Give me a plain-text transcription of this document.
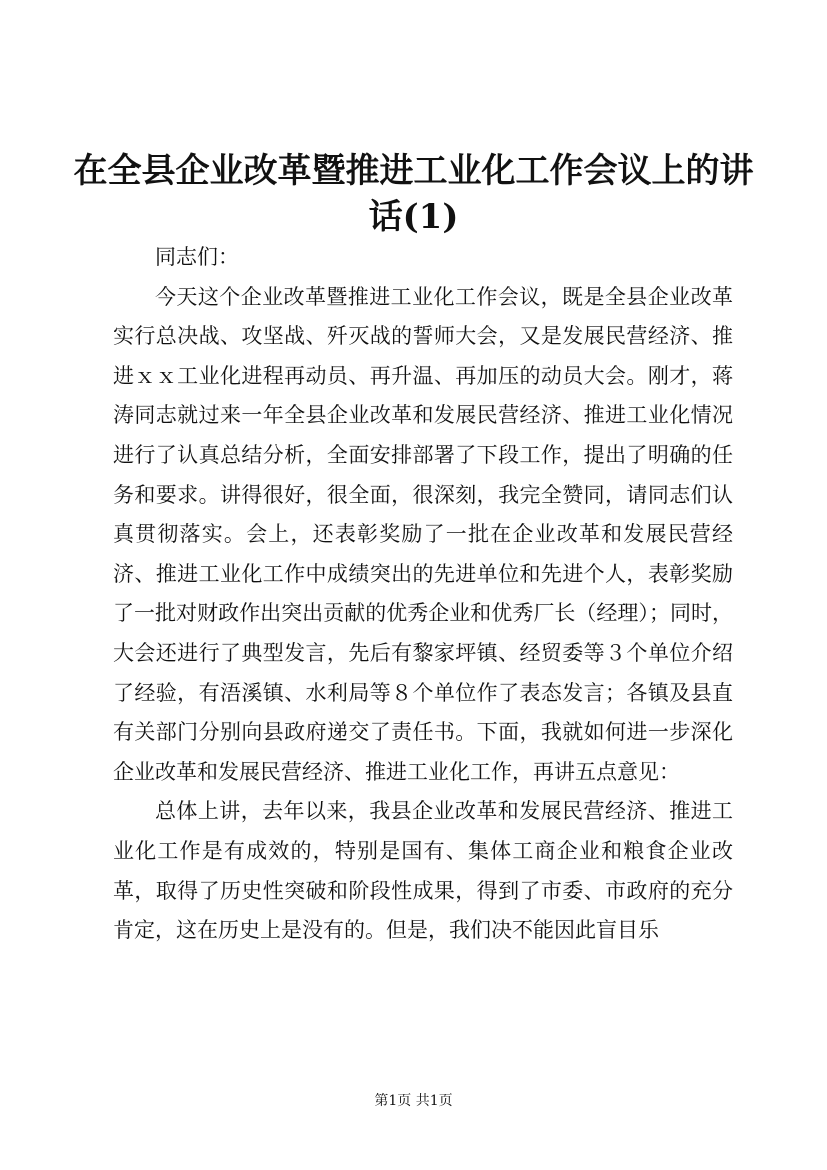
在全县企业改革暨推进工业化工作会议上的讲话(1)

同志们：

今天这个企业改革暨推进工业化工作会议，既是全县企业改革实行总决战、攻坚战、歼灭战的誓师大会，又是发展民营经济、推进ｘｘ工业化进程再动员、再升温、再加压的动员大会。刚才，蒋涛同志就过来一年全县企业改革和发展民营经济、推进工业化情况进行了认真总结分析，全面安排部署了下段工作，提出了明确的任务和要求。讲得很好，很全面，很深刻，我完全赞同，请同志们认真贯彻落实。会上，还表彰奖励了一批在企业改革和发展民营经济、推进工业化工作中成绩突出的先进单位和先进个人，表彰奖励了一批对财政作出突出贡献的优秀企业和优秀厂长（经理）；同时，大会还进行了典型发言，先后有黎家坪镇、经贸委等３个单位介绍了经验，有浯溪镇、水利局等８个单位作了表态发言；各镇及县直有关部门分别向县政府递交了责任书。下面，我就如何进一步深化企业改革和发展民营经济、推进工业化工作，再讲五点意见：

总体上讲，去年以来，我县企业改革和发展民营经济、推进工业化工作是有成效的，特别是国有、集体工商企业和粮食企业改革，取得了历史性突破和阶段性成果，得到了市委、市政府的充分肯定，这在历史上是没有的。但是，我们决不能因此盲目乐

第1页 共1页
